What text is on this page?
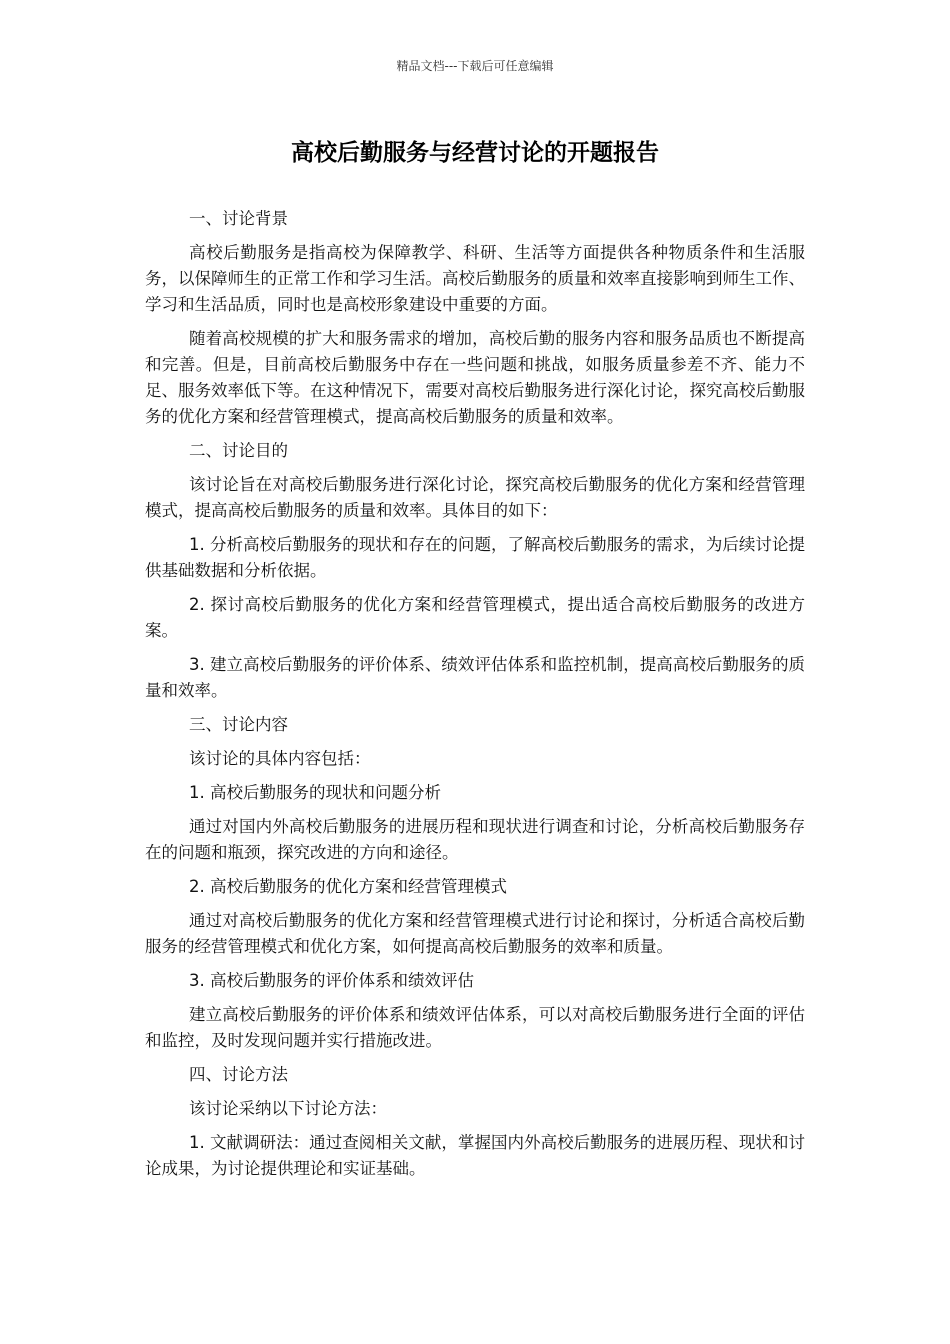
精品文档---下载后可任意编辑
高校后勤服务与经营讨论的开题报告

一、讨论背景

高校后勤服务是指高校为保障教学、科研、生活等方面提供各种物质条件和生活服务，以保障师生的正常工作和学习生活。高校后勤服务的质量和效率直接影响到师生工作、学习和生活品质，同时也是高校形象建设中重要的方面。

随着高校规模的扩大和服务需求的增加，高校后勤的服务内容和服务品质也不断提高和完善。但是，目前高校后勤服务中存在一些问题和挑战，如服务质量参差不齐、能力不足、服务效率低下等。在这种情况下，需要对高校后勤服务进行深化讨论，探究高校后勤服务的优化方案和经营管理模式，提高高校后勤服务的质量和效率。

二、讨论目的

该讨论旨在对高校后勤服务进行深化讨论，探究高校后勤服务的优化方案和经营管理模式，提高高校后勤服务的质量和效率。具体目的如下：

1. 分析高校后勤服务的现状和存在的问题，了解高校后勤服务的需求，为后续讨论提供基础数据和分析依据。

2. 探讨高校后勤服务的优化方案和经营管理模式，提出适合高校后勤服务的改进方案。

3. 建立高校后勤服务的评价体系、绩效评估体系和监控机制，提高高校后勤服务的质量和效率。

三、讨论内容

该讨论的具体内容包括：

1. 高校后勤服务的现状和问题分析

通过对国内外高校后勤服务的进展历程和现状进行调查和讨论，分析高校后勤服务存在的问题和瓶颈，探究改进的方向和途径。

2. 高校后勤服务的优化方案和经营管理模式

通过对高校后勤服务的优化方案和经营管理模式进行讨论和探讨，分析适合高校后勤服务的经营管理模式和优化方案，如何提高高校后勤服务的效率和质量。

3. 高校后勤服务的评价体系和绩效评估

建立高校后勤服务的评价体系和绩效评估体系，可以对高校后勤服务进行全面的评估和监控，及时发现问题并实行措施改进。

四、讨论方法

该讨论采纳以下讨论方法：

1. 文献调研法：通过查阅相关文献，掌握国内外高校后勤服务的进展历程、现状和讨论成果，为讨论提供理论和实证基础。
